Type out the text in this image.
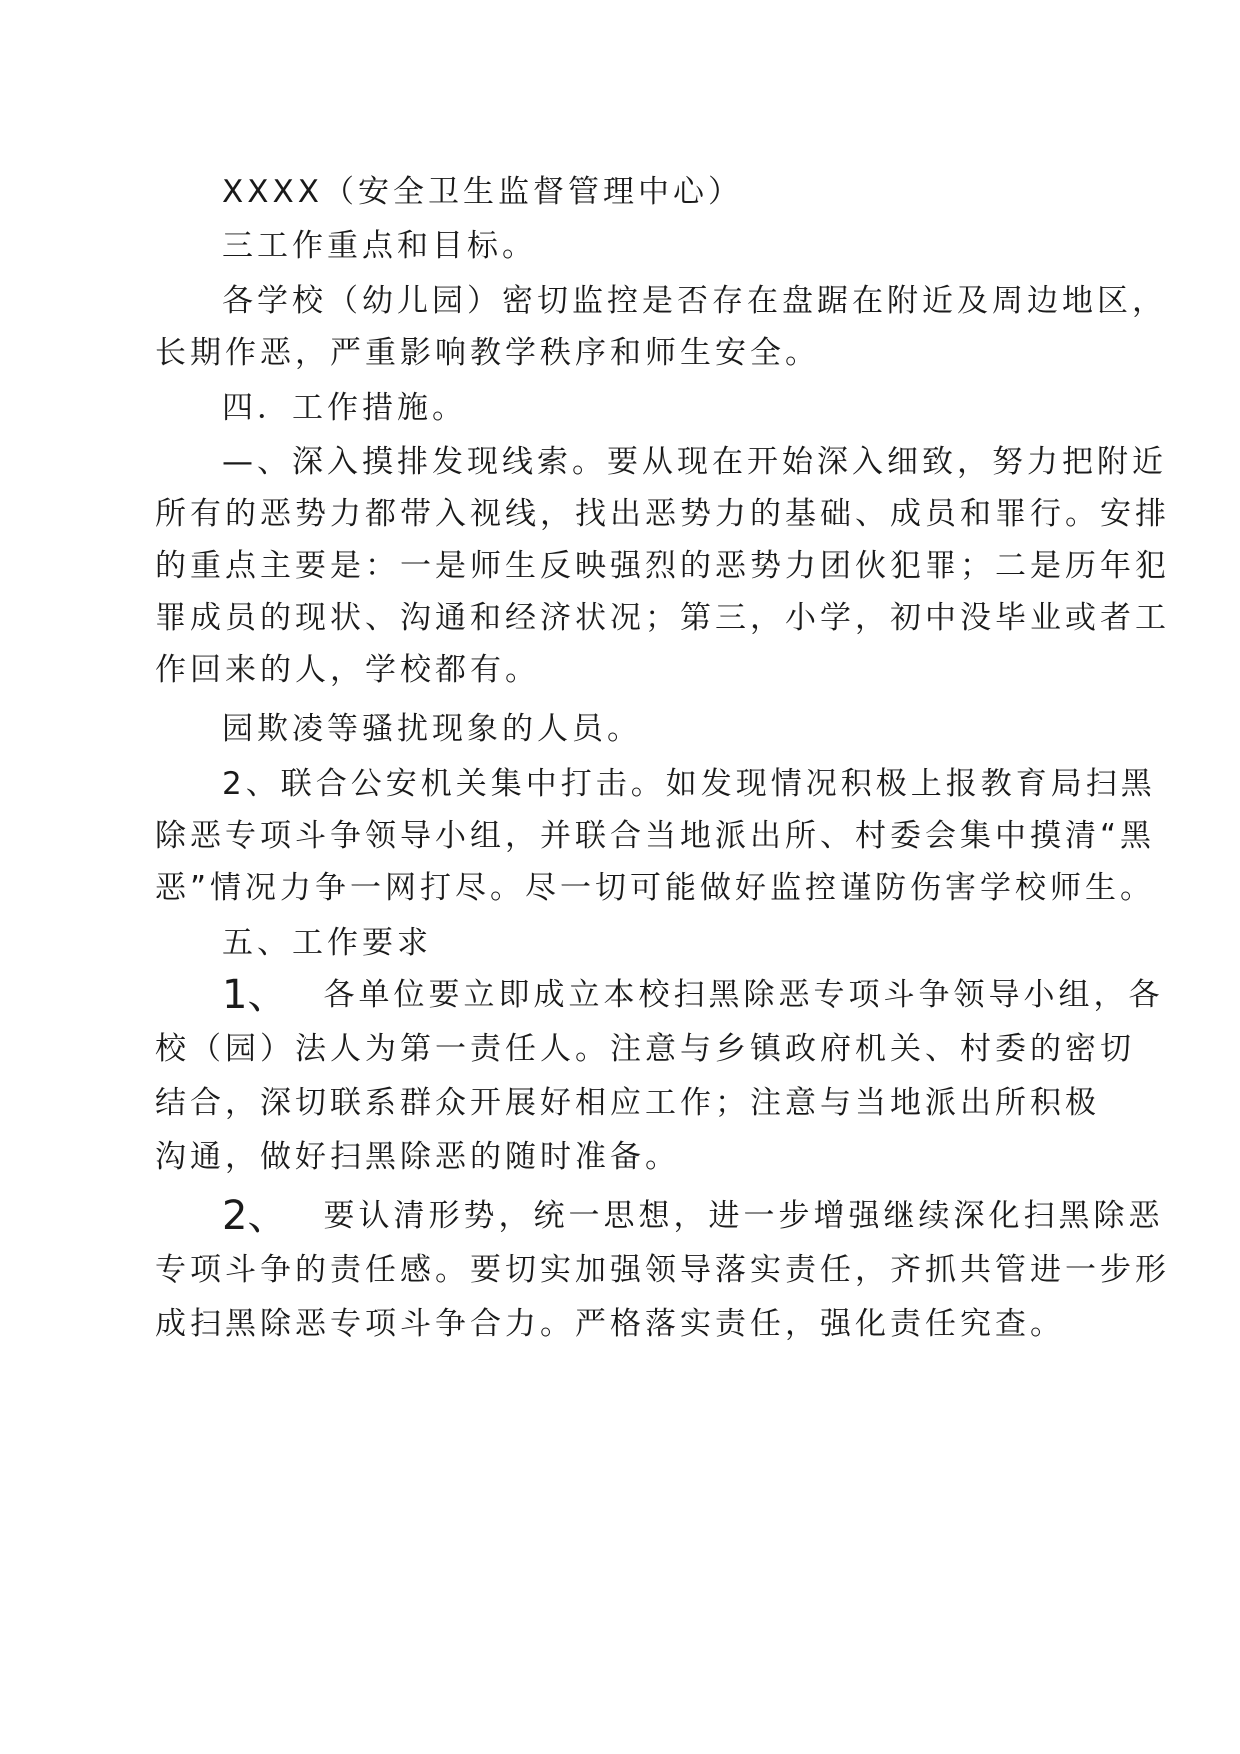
XXXX（安全卫生监督管理中心）
三工作重点和目标。
各学校（幼儿园）密切监控是否存在盘踞在附近及周边地区，
长期作恶，严重影响教学秩序和师生安全。
四．工作措施。
—、深入摸排发现线索。要从现在开始深入细致，努力把附近
所有的恶势力都带入视线，找出恶势力的基础、成员和罪行。安排
的重点主要是：一是师生反映强烈的恶势力团伙犯罪；二是历年犯
罪成员的现状、沟通和经济状况；第三，小学，初中没毕业或者工
作回来的人，学校都有。
园欺凌等骚扰现象的人员。
2、联合公安机关集中打击。如发现情况积极上报教育局扫黑
除恶专项斗争领导小组，并联合当地派出所、村委会集中摸清“黑
恶”情况力争一网打尽。尽一切可能做好监控谨防伤害学校师生。
五、工作要求
1、 各单位要立即成立本校扫黑除恶专项斗争领导小组，各
校（园）法人为第一责任人。注意与乡镇政府机关、村委的密切
结合，深切联系群众开展好相应工作；注意与当地派出所积极
沟通，做好扫黑除恶的随时准备。
2、 要认清形势，统一思想，进一步增强继续深化扫黑除恶
专项斗争的责任感。要切实加强领导落实责任，齐抓共管进一步形
成扫黑除恶专项斗争合力。严格落实责任，强化责任究查。
